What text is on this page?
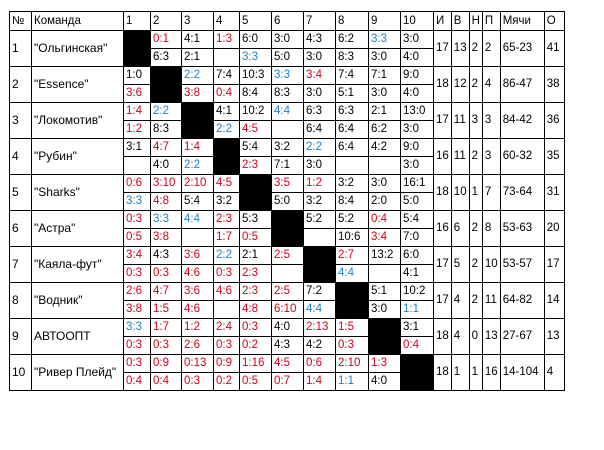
№	Команда	1	2	3	4	5	6	7	8	9	10	И	В	Н	П	Мячи	О
1	"Ольгинская"		0:1	4:1	1:3	6:0	3:0	4:3	6:2	3:3	3:0	17	13	2	2	65-23	41
			6:3	2:1		3:3	5:0	3:0	8:3	3:0	4:0						
2	"Essence"	1:0		2:2	7:4	10:3	3:3	3:4	7:4	7:1	9:0	18	12	2	4	86-47	38
		3:6		3:8	0:4	8:4	8:3	3:0	5:1	3:0	4:0						
3	"Локомотив"	1:4	2:2		4:1	10:2	4:4	6:3	6:3	2:1	13:0	17	11	3	3	84-42	36
		1:2	8:3		2:2	4:5		6:4	6:4	6:2	3:0						
4	"Рубин"	3:1	4:7	1:4		5:4	3:2	2:2	6:4	4:2	9:0	16	11	2	3	60-32	35
			4:0	2:2		2:3	7:1	3:0			3:0						
5	"Sharks"	0:6	3:10	2:10	4:5		3:5	1:2	3:2	3:0	16:1	18	10	1	7	73-64	31
		3:3	4:8	5:4	3:2		5:0	3:2	8:4	2:0	5:0						
6	"Астра"	0:3	3:3	4:4	2:3	5:3		5:2	5:2	0:4	5:4	16	6	2	8	53-63	20
		0:5	3:8		1:7	0:5			10:6	3:4	7:0						
7	"Каяла-фут"	3:4	4:3	3:6	2:2	2:1	2:5		2:7	13:2	6:0	17	5	2	10	53-57	17
		0:3	0:3	4:6	0:3	2:3			4:4		4:1						
8	"Водник"	2:6	4:7	3:6	4:6	2:3	2:5	7:2		5:1	10:2	17	4	2	11	64-82	14
		3:8	1:5	4:6		4:8	6:10	4:4		3:0	1:1						
9	АВТООПТ	3:3	1:7	1:2	2:4	0:3	4:0	2:13	1:5		3:1	18	4	0	13	27-67	13
		0:3	0:3	2:6	0:3	0:2	4:3	4:2	0:3		0:4						
10	"Ривер Плейд"	0:3	0:9	0:13	0:9	1:16	4:5	0:6	2:10	1:3		18	1	1	16	14-104	4
		0:4	0:4	0:3	0:2	0:5	0:7	1:4	1:1	4:0							
